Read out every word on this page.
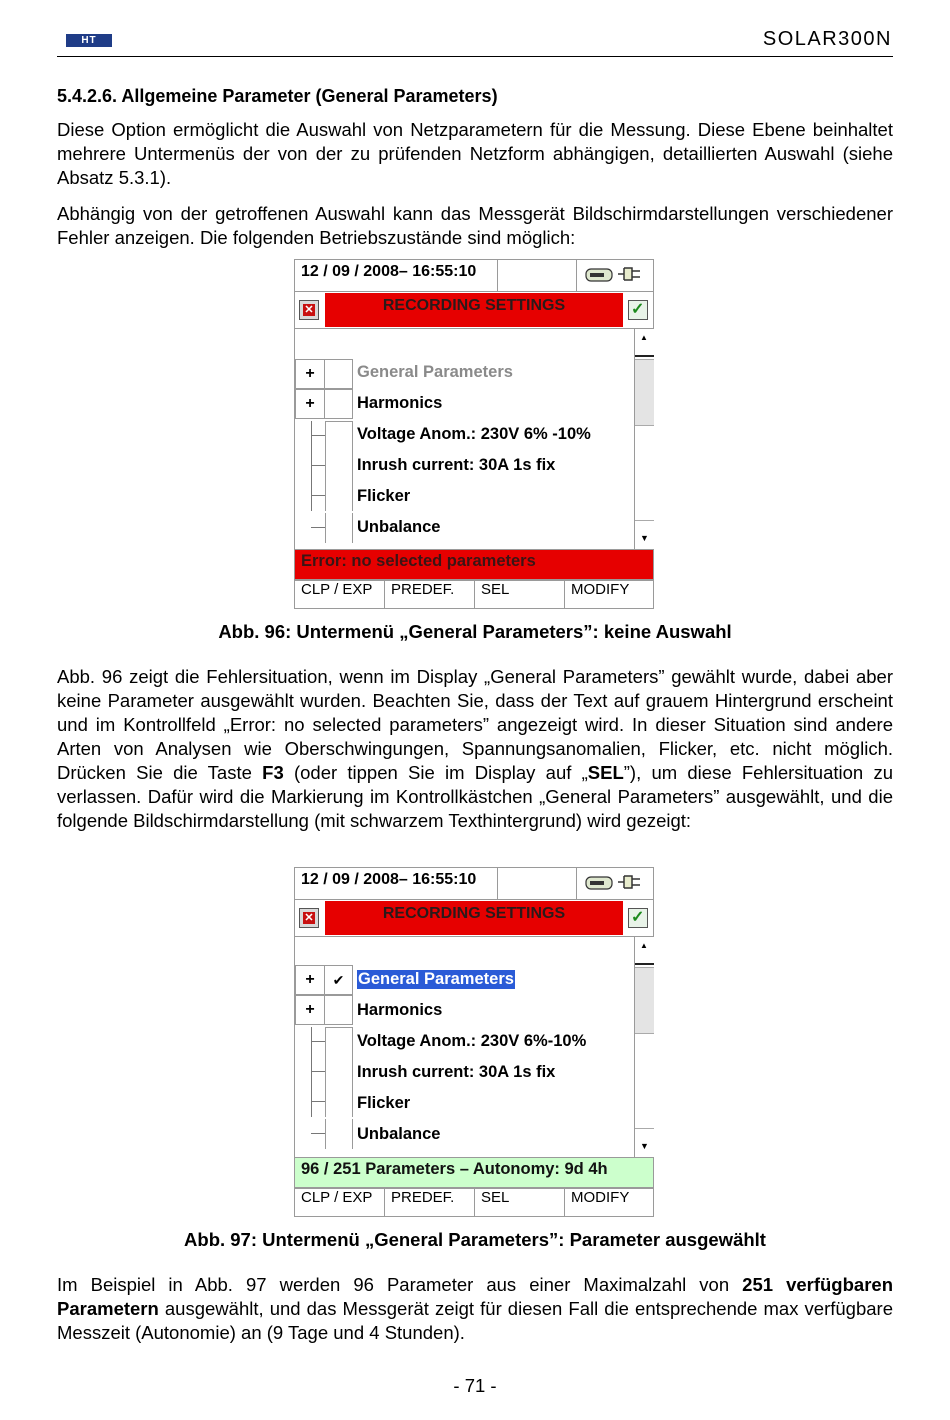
HT	SOLAR300N
5.4.2.6. Allgemeine Parameter (General Parameters)

Diese Option ermöglicht die Auswahl von Netzparametern für die Messung. Diese Ebene beinhaltet mehrere Untermenüs der von der zu prüfenden Netzform abhängigen, detaillierten Auswahl (siehe Absatz 5.3.1).

Abhängig von der getroffenen Auswahl kann das Messgerät Bildschirmdarstellungen verschiedener Fehler anzeigen. Die folgenden Betriebszustände sind möglich:

12 / 09 / 2008– 16:55:10
RECORDING SETTINGS
✕	✓
+	General Parameters
+	Harmonics
Voltage Anom.: 230V 6% -10%
Inrush current: 30A 1s fix
Flicker
Unbalance
▲
▼
Error: no selected parameters
CLP / EXP	PREDEF.	SEL	MODIFY
Abb. 96: Untermenü „General Parameters”: keine Auswahl

Abb. 96 zeigt die Fehlersituation, wenn im Display „General Parameters” gewählt wurde, dabei aber keine Parameter ausgewählt wurden. Beachten Sie, dass der Text auf grauem Hintergrund erscheint und im Kontrollfeld „Error: no selected parameters” angezeigt wird. In dieser Situation sind andere Arten von Analysen wie Oberschwingungen, Spannungsanomalien, Flicker, etc. nicht möglich. Drücken Sie die Taste F3 (oder tippen Sie im Display auf „SEL”), um diese Fehlersituation zu verlassen. Dafür wird die Markierung im Kontrollkästchen „General Parameters” ausgewählt, und die folgende Bildschirmdarstellung (mit schwarzem Texthintergrund) wird gezeigt:

12 / 09 / 2008– 16:55:10
RECORDING SETTINGS
✕	✓
+	✔ General Parameters
+	Harmonics
Voltage Anom.: 230V 6%-10%
Inrush current: 30A 1s fix
Flicker
Unbalance
▲
▼
96 / 251 Parameters – Autonomy: 9d 4h
CLP / EXP	PREDEF.	SEL	MODIFY
Abb. 97: Untermenü „General Parameters”: Parameter ausgewählt

Im Beispiel in Abb. 97 werden 96 Parameter aus einer Maximalzahl von 251 verfügbaren Parametern ausgewählt, und das Messgerät zeigt für diesen Fall die entsprechende max verfügbare Messzeit (Autonomie) an (9 Tage und 4 Stunden).

- 71 -
